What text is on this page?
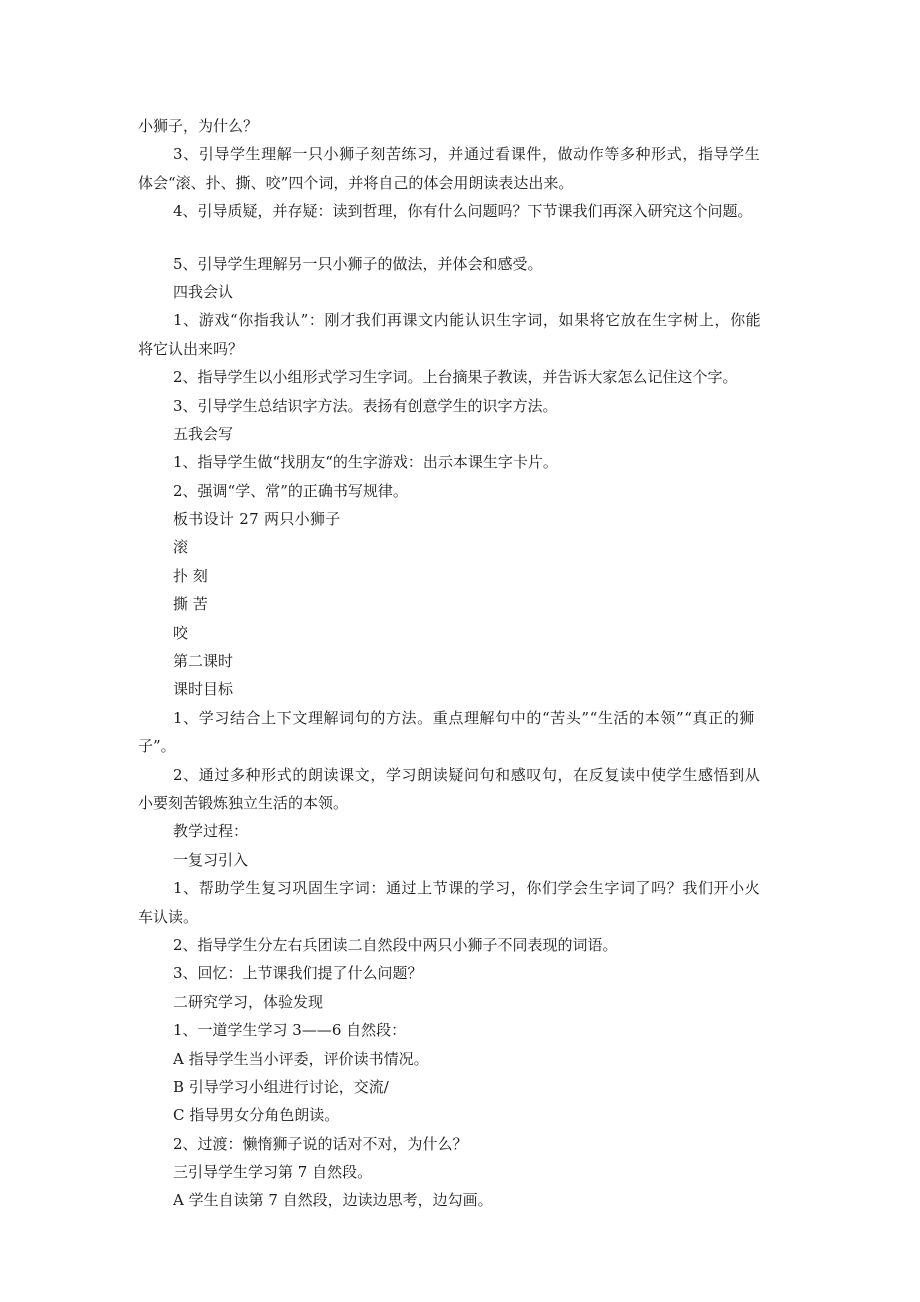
小狮子，为什么？
3、引导学生理解一只小狮子刻苦练习，并通过看课件，做动作等多种形式，指导学生
体会“滚、扑、撕、咬”四个词，并将自己的体会用朗读表达出来。
4、引导质疑，并存疑：读到哲理，你有什么问题吗？下节课我们再深入研究这个问题。
5、引导学生理解另一只小狮子的做法，并体会和感受。
四我会认
1、游戏“你指我认”：刚才我们再课文内能认识生字词，如果将它放在生字树上，你能
将它认出来吗？
2、指导学生以小组形式学习生字词。上台摘果子教读，并告诉大家怎么记住这个字。
3、引导学生总结识字方法。表扬有创意学生的识字方法。
五我会写
1、指导学生做“找朋友“的生字游戏：出示本课生字卡片。
2、强调“学、常”的正确书写规律。
板书设计 27 两只小狮子
滚
扑 刻
撕 苦
咬
第二课时
课时目标
1、学习结合上下文理解词句的方法。重点理解句中的“苦头”“生活的本领”“真正的狮
子”。
2、通过多种形式的朗读课文，学习朗读疑问句和感叹句，在反复读中使学生感悟到从
小要刻苦锻炼独立生活的本领。
教学过程：
一复习引入
1、帮助学生复习巩固生字词：通过上节课的学习，你们学会生字词了吗？我们开小火
车认读。
2、指导学生分左右兵团读二自然段中两只小狮子不同表现的词语。
3、回忆：上节课我们提了什么问题？
二研究学习，体验发现
1、一道学生学习 3——6 自然段：
A 指导学生当小评委，评价读书情况。
B 引导学习小组进行讨论，交流/
C 指导男女分角色朗读。
2、过渡：懒惰狮子说的话对不对，为什么？
三引导学生学习第 7 自然段。
A 学生自读第 7 自然段，边读边思考，边勾画。
